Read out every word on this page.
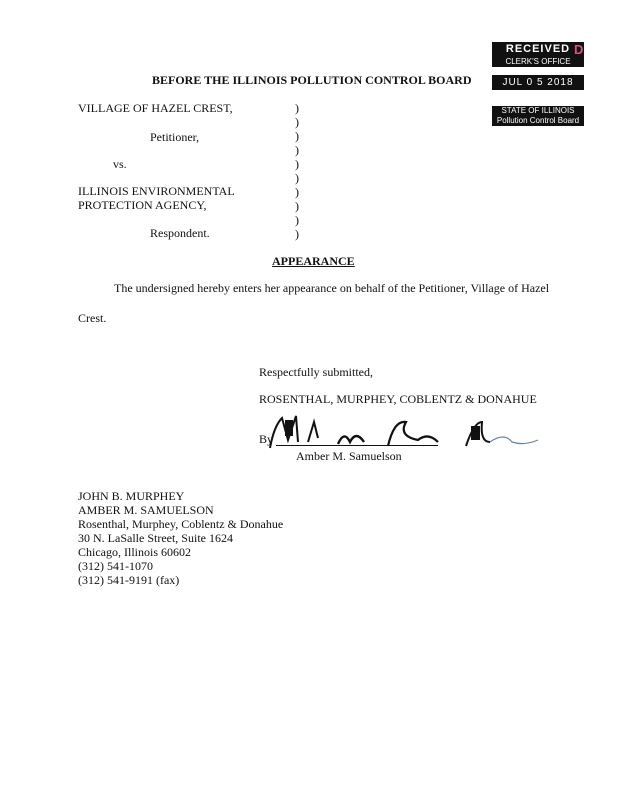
RECEIVED
CLERK'S OFFICE
JUL 0 5 2018
D
STATE OF ILLINOIS
Pollution Control Board
BEFORE THE ILLINOIS POLLUTION CONTROL BOARD
VILLAGE OF HAZEL CREST,
Petitioner,
vs.
ILLINOIS ENVIRONMENTAL
PROTECTION AGENCY,
Respondent.
)
)
)
)
)
)
)
)
)
)
APPEARANCE
The undersigned hereby enters her appearance on behalf of the Petitioner, Village of Hazel
Crest.
Respectfully submitted,
ROSENTHAL, MURPHEY, COBLENTZ & DONAHUE
By
Amber M. Samuelson
JOHN B. MURPHEY
AMBER M. SAMUELSON
Rosenthal, Murphey, Coblentz & Donahue
30 N. LaSalle Street, Suite 1624
Chicago, Illinois 60602
(312) 541-1070
(312) 541-9191 (fax)
